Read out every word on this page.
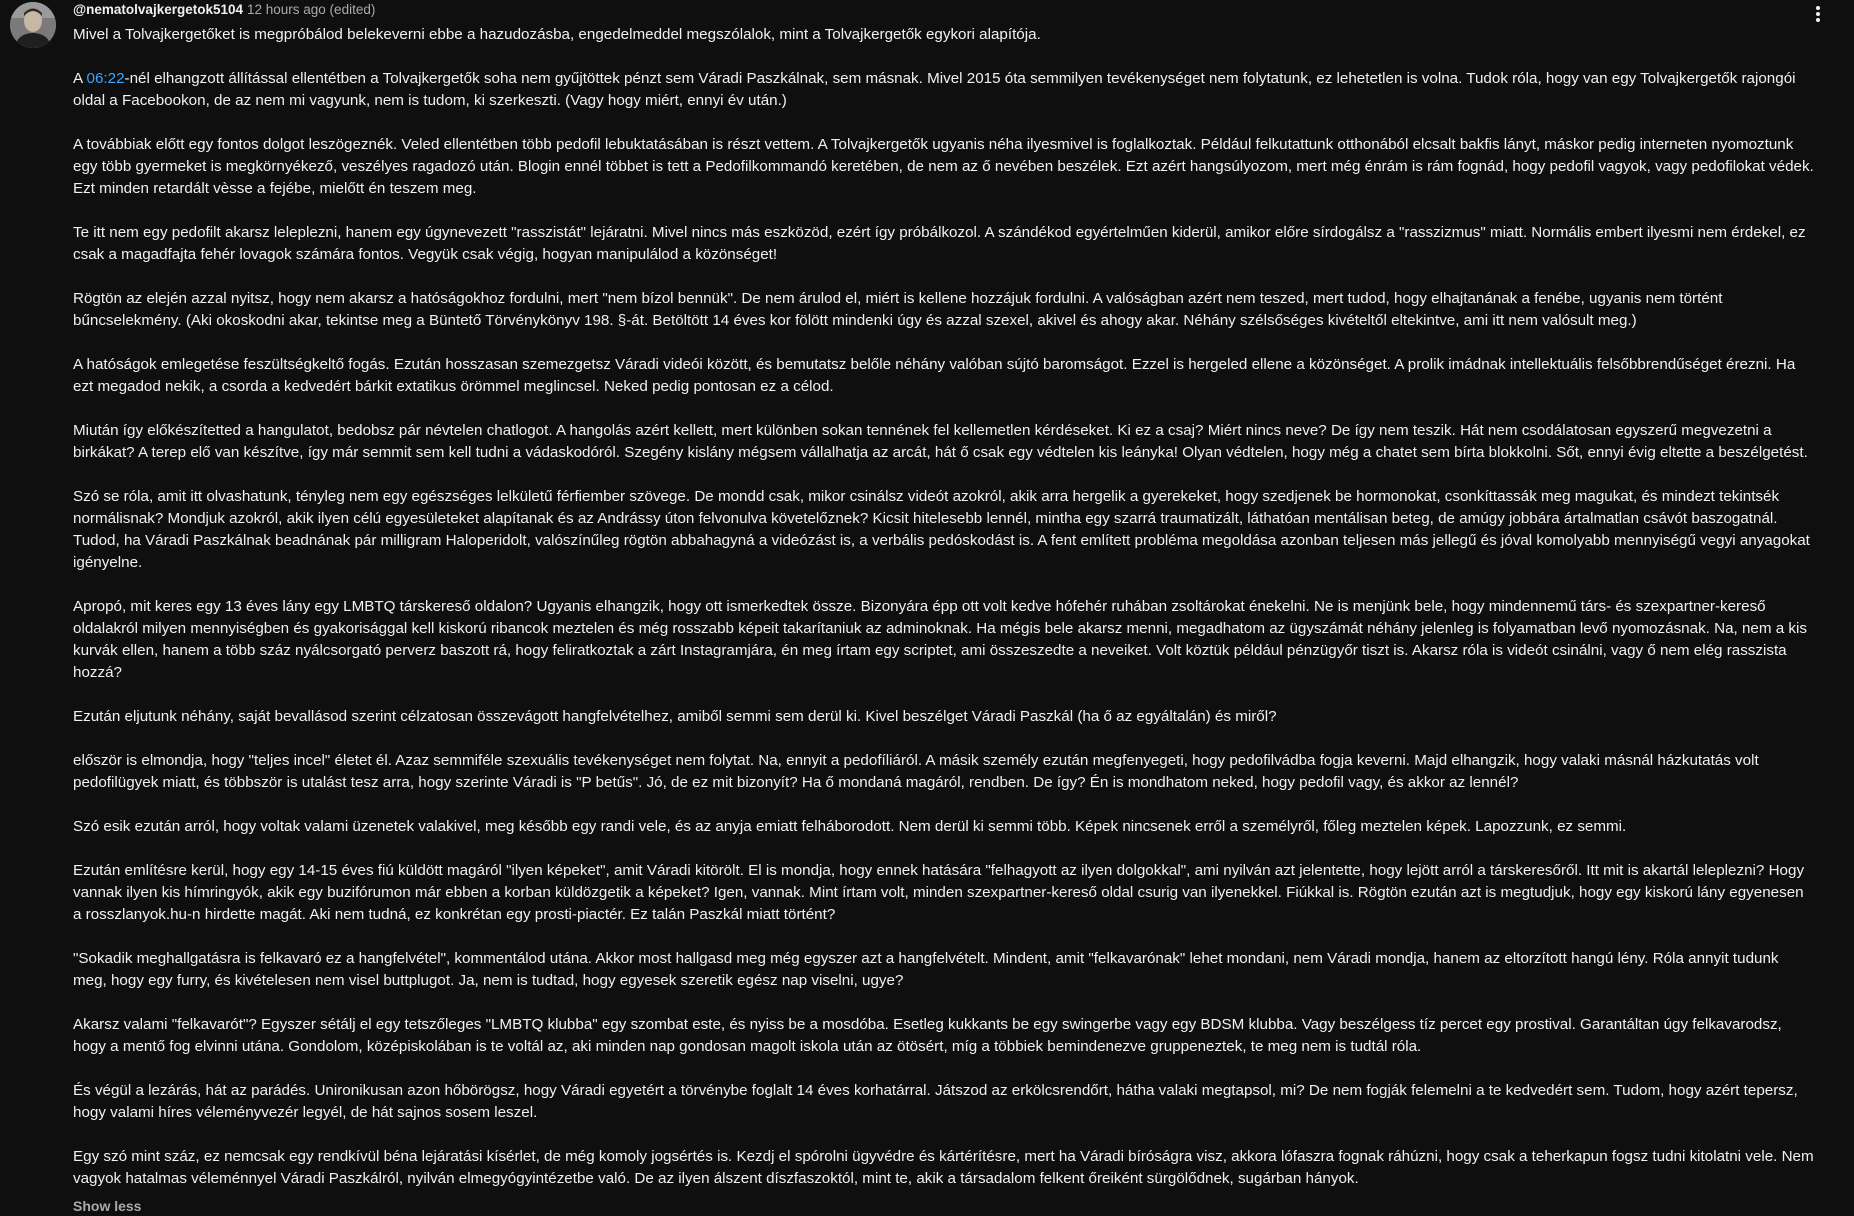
@nematolvajkergetok5104 12 hours ago (edited)

Mivel a Tolvajkergetőket is megpróbálod belekeverni ebbe a hazudozásba, engedelmeddel megszólalok, mint a Tolvajkergetők egykori alapítója.

A 06:22-nél elhangzott állítással ellentétben a Tolvajkergetők soha nem gyűjtöttek pénzt sem Váradi Paszkálnak, sem másnak. Mivel 2015 óta semmilyen tevékenységet nem folytatunk, ez lehetetlen is volna. Tudok róla, hogy van egy Tolvajkergetők rajongói
oldal a Facebookon, de az nem mi vagyunk, nem is tudom, ki szerkeszti. (Vagy hogy miért, ennyi év után.)

A továbbiak előtt egy fontos dolgot leszögeznék. Veled ellentétben több pedofil lebuktatásában is részt vettem. A Tolvajkergetők ugyanis néha ilyesmivel is foglalkoztak. Például felkutattunk otthonából elcsalt bakfis lányt, máskor pedig interneten nyomoztunk
egy több gyermeket is megkörnyékező, veszélyes ragadozó után. Blogin ennél többet is tett a Pedofilkommandó keretében, de nem az ő nevében beszélek. Ezt azért hangsúlyozom, mert még énrám is rám fognád, hogy pedofil vagyok, vagy pedofilokat védek.
Ezt minden retardált vèsse a fejébe, mielőtt én teszem meg.

Te itt nem egy pedofilt akarsz leleplezni, hanem egy úgynevezett "rasszistát" lejáratni. Mivel nincs más eszközöd, ezért így próbálkozol. A szándékod egyértelműen kiderül, amikor előre sírdogálsz a "rasszizmus" miatt. Normális embert ilyesmi nem érdekel, ez
csak a magadfajta fehér lovagok számára fontos. Vegyük csak végig, hogyan manipulálod a közönséget!

Rögtön az elején azzal nyitsz, hogy nem akarsz a hatóságokhoz fordulni, mert "nem bízol bennük". De nem árulod el, miért is kellene hozzájuk fordulni. A valóságban azért nem teszed, mert tudod, hogy elhajtanának a fenébe, ugyanis nem történt
bűncselekmény. (Aki okoskodni akar, tekintse meg a Büntető Törvénykönyv 198. §-át. Betöltött 14 éves kor fölött mindenki úgy és azzal szexel, akivel és ahogy akar. Néhány szélsőséges kivételtől eltekintve, ami itt nem valósult meg.)

A hatóságok emlegetése feszültségkeltő fogás. Ezután hosszasan szemezgetsz Váradi videói között, és bemutatsz belőle néhány valóban sújtó baromságot. Ezzel is hergeled ellene a közönséget. A prolik imádnak intellektuális felsőbbrendűséget érezni. Ha
ezt megadod nekik, a csorda a kedvedért bárkit extatikus örömmel meglincsel. Neked pedig pontosan ez a célod.

Miután így előkészítetted a hangulatot, bedobsz pár névtelen chatlogot. A hangolás azért kellett, mert különben sokan tennének fel kellemetlen kérdéseket. Ki ez a csaj? Miért nincs neve? De így nem teszik. Hát nem csodálatosan egyszerű megvezetni a
birkákat? A terep elő van készítve, így már semmit sem kell tudni a vádaskodóról. Szegény kislány mégsem vállalhatja az arcát, hát ő csak egy védtelen kis leányka! Olyan védtelen, hogy még a chatet sem bírta blokkolni. Sőt, ennyi évig eltette a beszélgetést.

Szó se róla, amit itt olvashatunk, tényleg nem egy egészséges lelkületű férfiember szövege. De mondd csak, mikor csinálsz videót azokról, akik arra hergelik a gyerekeket, hogy szedjenek be hormonokat, csonkíttassák meg magukat, és mindezt tekintsék
normálisnak? Mondjuk azokról, akik ilyen célú egyesületeket alapítanak és az Andrássy úton felvonulva követelőznek? Kicsit hitelesebb lennél, mintha egy szarrá traumatizált, láthatóan mentálisan beteg, de amúgy jobbára ártalmatlan csávót baszogatnál.
Tudod, ha Váradi Paszkálnak beadnának pár milligram Haloperidolt, valószínűleg rögtön abbahagyná a videózást is, a verbális pedóskodást is. A fent említett probléma megoldása azonban teljesen más jellegű és jóval komolyabb mennyiségű vegyi anyagokat
igényelne.

Apropó, mit keres egy 13 éves lány egy LMBTQ társkereső oldalon? Ugyanis elhangzik, hogy ott ismerkedtek össze. Bizonyára épp ott volt kedve hófehér ruhában zsoltárokat énekelni. Ne is menjünk bele, hogy mindennemű társ- és szexpartner-kereső
oldalakról milyen mennyiségben és gyakorisággal kell kiskorú ribancok meztelen és még rosszabb képeit takarítaniuk az adminoknak. Ha mégis bele akarsz menni, megadhatom az ügyszámát néhány jelenleg is folyamatban levő nyomozásnak. Na, nem a kis
kurvák ellen, hanem a több száz nyálcsorgató perverz baszott rá, hogy feliratkoztak a zárt Instagramjára, én meg írtam egy scriptet, ami összeszedte a neveiket. Volt köztük például pénzügyőr tiszt is. Akarsz róla is videót csinálni, vagy ő nem elég rasszista
hozzá?

Ezután eljutunk néhány, saját bevallásod szerint célzatosan összevágott hangfelvételhez, amiből semmi sem derül ki. Kivel beszélget Váradi Paszkál (ha ő az egyáltalán) és miről?

először is elmondja, hogy "teljes incel" életet él. Azaz semmiféle szexuális tevékenységet nem folytat. Na, ennyit a pedofíliáról. A másik személy ezután megfenyegeti, hogy pedofilvádba fogja keverni. Majd elhangzik, hogy valaki másnál házkutatás volt
pedofilügyek miatt, és többször is utalást tesz arra, hogy szerinte Váradi is "P betűs". Jó, de ez mit bizonyít? Ha ő mondaná magáról, rendben. De így? Én is mondhatom neked, hogy pedofil vagy, és akkor az lennél?

Szó esik ezután arról, hogy voltak valami üzenetek valakivel, meg később egy randi vele, és az anyja emiatt felháborodott. Nem derül ki semmi több. Képek nincsenek erről a személyről, főleg meztelen képek. Lapozzunk, ez semmi.

Ezután említésre kerül, hogy egy 14-15 éves fiú küldött magáról "ilyen képeket", amit Váradi kitörölt. El is mondja, hogy ennek hatására "felhagyott az ilyen dolgokkal", ami nyilván azt jelentette, hogy lejött arról a társkeresőről. Itt mit is akartál leleplezni? Hogy
vannak ilyen kis hímringyók, akik egy buzifórumon már ebben a korban küldözgetik a képeket? Igen, vannak. Mint írtam volt, minden szexpartner-kereső oldal csurig van ilyenekkel. Fiúkkal is. Rögtön ezután azt is megtudjuk, hogy egy kiskorú lány egyenesen
a rosszlanyok.hu-n hirdette magát. Aki nem tudná, ez konkrétan egy prosti-piactér. Ez talán Paszkál miatt történt?

"Sokadik meghallgatásra is felkavaró ez a hangfelvétel", kommentálod utána. Akkor most hallgasd meg még egyszer azt a hangfelvételt. Mindent, amit "felkavarónak" lehet mondani, nem Váradi mondja, hanem az eltorzított hangú lény. Róla annyit tudunk
meg, hogy egy furry, és kivételesen nem visel buttplugot. Ja, nem is tudtad, hogy egyesek szeretik egész nap viselni, ugye?

Akarsz valami "felkavarót"? Egyszer sétálj el egy tetszőleges "LMBTQ klubba" egy szombat este, és nyiss be a mosdóba. Esetleg kukkants be egy swingerbe vagy egy BDSM klubba. Vagy beszélgess tíz percet egy prostival. Garantáltan úgy felkavarodsz,
hogy a mentő fog elvinni utána. Gondolom, középiskolában is te voltál az, aki minden nap gondosan magolt iskola után az ötösért, míg a többiek bemindenezve gruppeneztek, te meg nem is tudtál róla.

És végül a lezárás, hát az parádés. Unironikusan azon hőbörögsz, hogy Váradi egyetért a törvénybe foglalt 14 éves korhatárral. Játszod az erkölcsrendőrt, hátha valaki megtapsol, mi? De nem fogják felemelni a te kedvedért sem. Tudom, hogy azért tepersz,
hogy valami híres véleményvezér legyél, de hát sajnos sosem leszel.

Egy szó mint száz, ez nemcsak egy rendkívül béna lejáratási kísérlet, de még komoly jogsértés is. Kezdj el spórolni ügyvédre és kártérítésre, mert ha Váradi bíróságra visz, akkora lófaszra fognak ráhúzni, hogy csak a teherkapun fogsz tudni kitolatni vele. Nem
vagyok hatalmas véleménnyel Váradi Paszkálról, nyilván elmegyógyintézetbe való. De az ilyen álszent díszfaszoktól, mint te, akik a társadalom felkent őreiként sürgölődnek, sugárban hányok.

Show less
